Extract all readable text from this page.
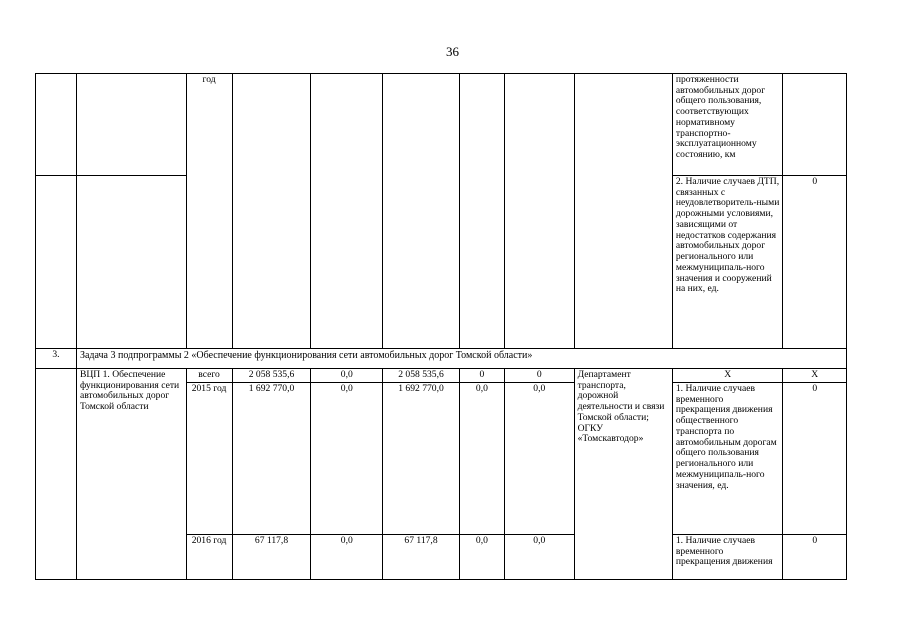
36
		год							протяженности автомобильных дорог общего пользования, соответствующих нормативному транспортно-эксплуатационному состоянию, км	
									2. Наличие случаев ДТП, связанных с неудовлетворитель-ными дорожными условиями, зависящими от недостатков содержания автомобильных дорог регионального или межмуниципаль-ного значения и сооружений на них, ед.	0
3.	Задача 3 подпрограммы 2 «Обеспечение функционирования сети автомобильных дорог Томской области»									
	ВЦП 1. Обеспечение функционирования сети автомобильных дорог Томской области	всего	2 058 535,6	0,0	2 058 535,6	0	0	Департамент транспорта, дорожной деятельности и связи Томской области; ОГКУ «Томскавтодор»	Х	Х
		2015 год	1 692 770,0	0,0	1 692 770,0	0,0	0,0		1. Наличие случаев временного прекращения движения общественного транспорта по автомобильным дорогам общего пользования регионального или межмуниципаль-ного значения, ед.	0
		2016 год	67 117,8	0,0	67 117,8	0,0	0,0		1. Наличие случаев временного прекращения движения	0
